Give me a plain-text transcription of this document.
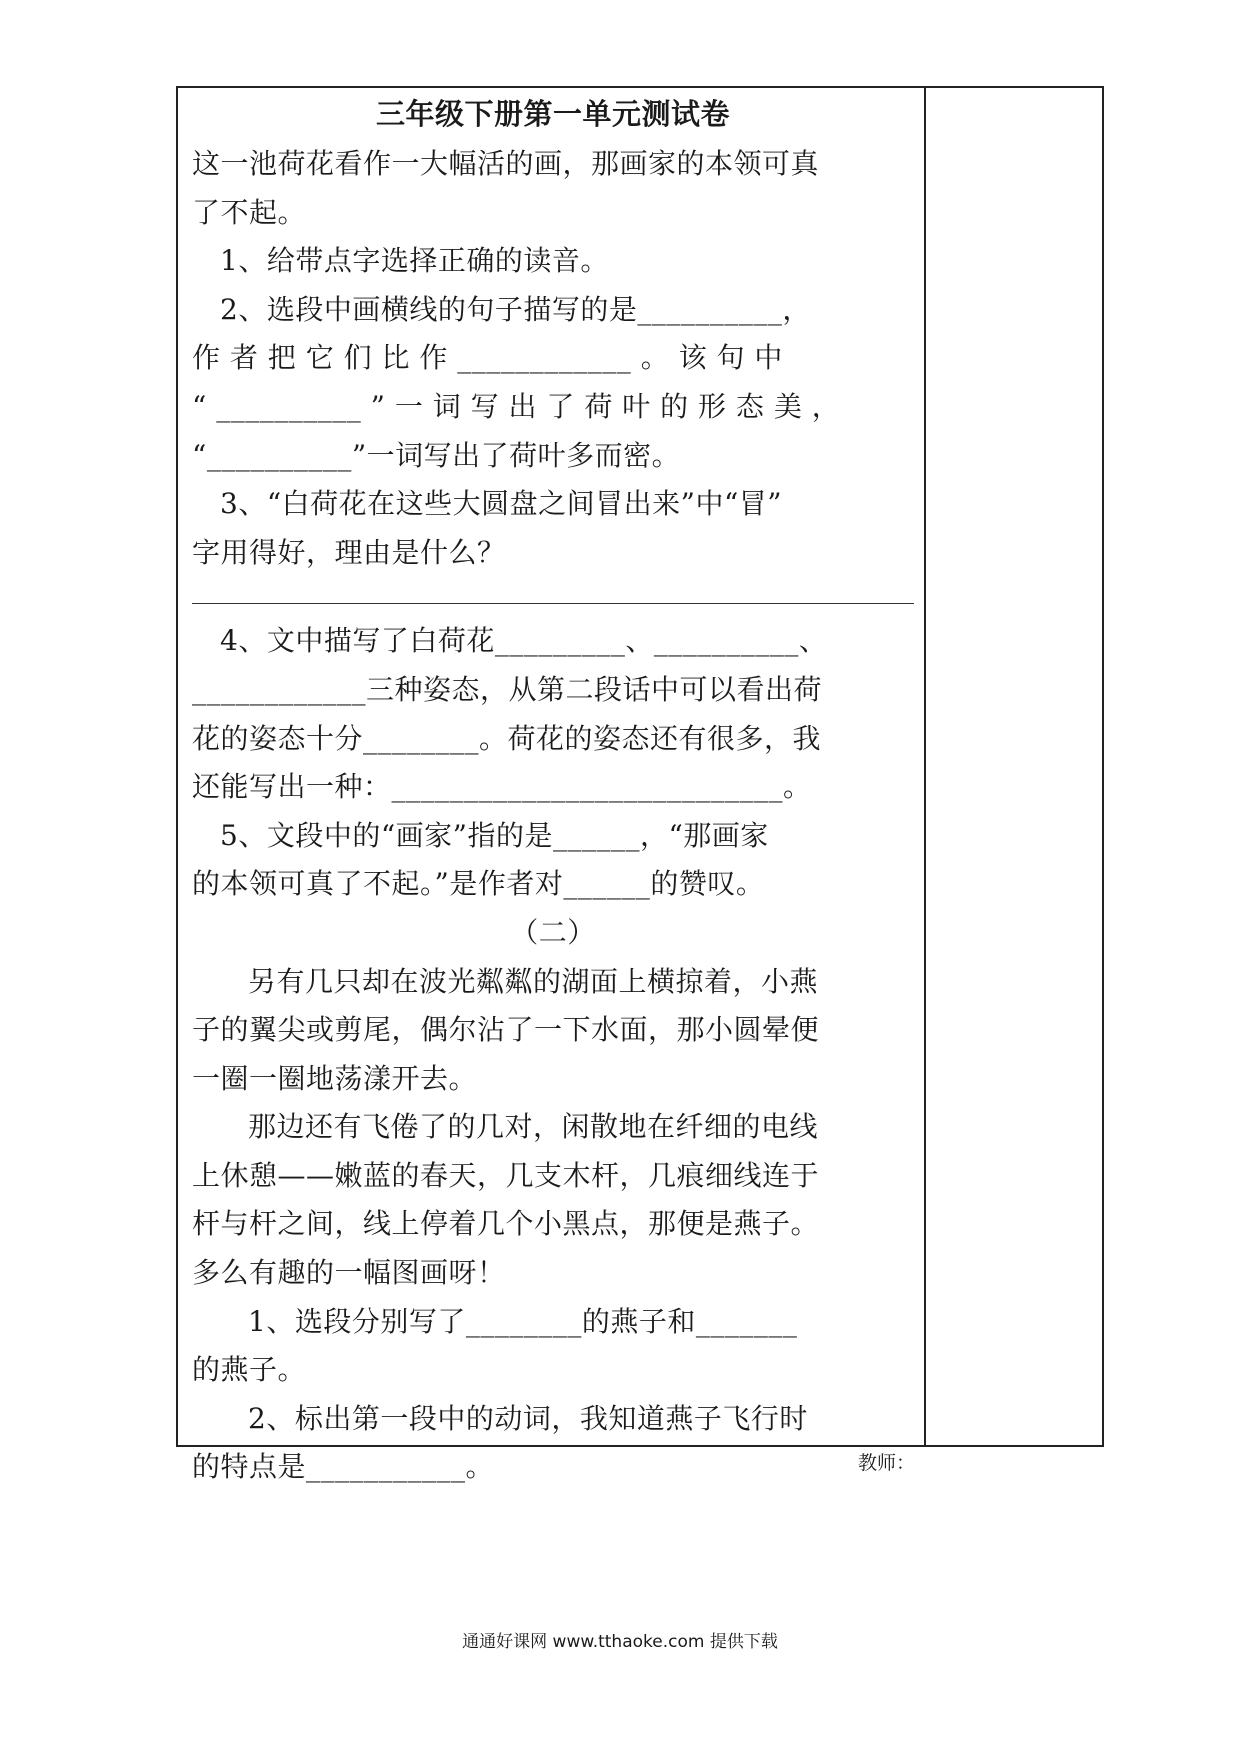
三年级下册第一单元测试卷
这一池荷花看作一大幅活的画，那画家的本领可真
了不起。
1、给带点字选择正确的读音。
2、选段中画横线的句子描写的是__________，
作 者 把 它 们 比 作 ____________ 。 该 句 中
“ __________ ” 一 词 写 出 了 荷 叶 的 形 态 美 ，
“__________”一词写出了荷叶多而密。
3、“白荷花在这些大圆盘之间冒出来”中“冒”
字用得好，理由是什么？
4、文中描写了白荷花_________、__________、
____________三种姿态，从第二段话中可以看出荷
花的姿态十分________。荷花的姿态还有很多，我
还能写出一种：___________________________。
5、文段中的“画家”指的是______，“那画家
的本领可真了不起。”是作者对______的赞叹。
（二）
另有几只却在波光粼粼的湖面上横掠着，小燕
子的翼尖或剪尾，偶尔沾了一下水面，那小圆晕便
一圈一圈地荡漾开去。
那边还有飞倦了的几对，闲散地在纤细的电线
上休憩——嫩蓝的春天，几支木杆，几痕细线连于
杆与杆之间，线上停着几个小黑点，那便是燕子。
多么有趣的一幅图画呀！
1、选段分别写了________的燕子和_______
的燕子。
2、标出第一段中的动词，我知道燕子飞行时
的特点是___________。	教师：
通通好课网 www.tthaoke.com 提供下载
